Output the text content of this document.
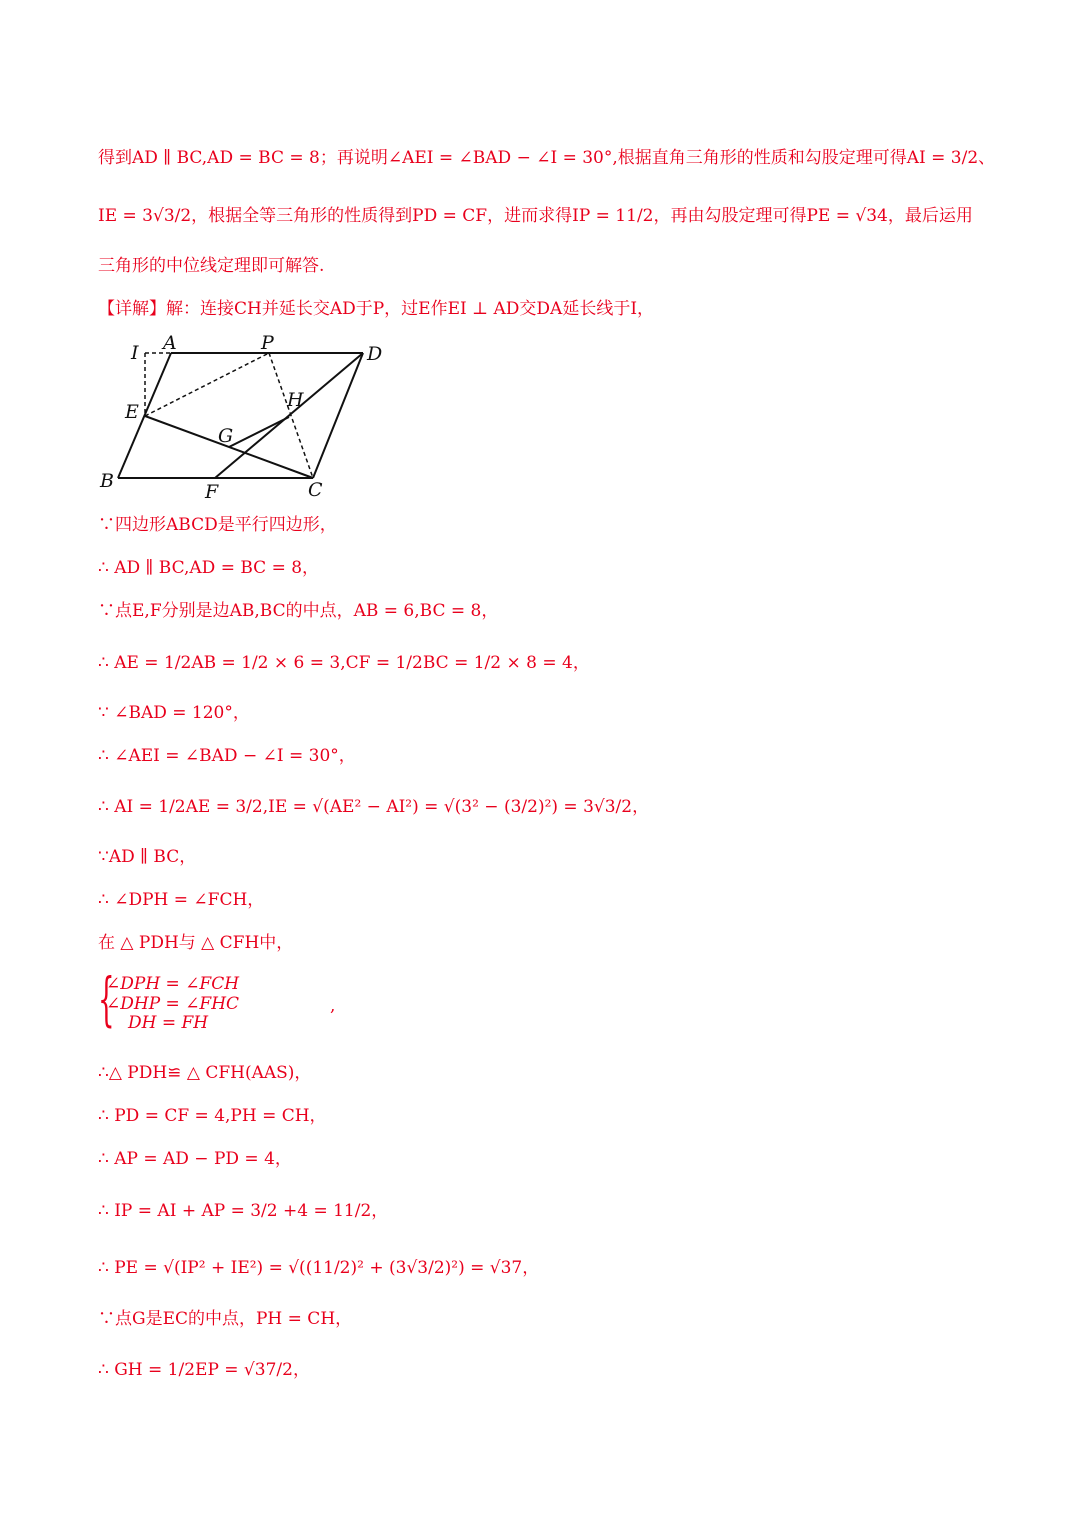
得到AD ∥ BC,AD = BC = 8；再说明∠AEI = ∠BAD − ∠I = 30°,根据直角三角形的性质和勾股定理可得AI = 3/2、
IE = 3√3/2，根据全等三角形的性质得到PD = CF，进而求得IP = 11/2，再由勾股定理可得PE = √34，最后运用
三角形的中位线定理即可解答.
【详解】解：连接CH并延长交AD于P，过E作EI ⊥ AD交DA延长线于I，
I A	P	D
E
H
G
B	F	C
∵四边形ABCD是平行四边形，
∴ AD ∥ BC,AD = BC = 8，
∵点E,F分别是边AB,BC的中点，AB = 6,BC = 8，
∴ AE = 1/2AB = 1/2 × 6 = 3,CF = 1/2BC = 1/2 × 8 = 4，
∵ ∠BAD = 120°，
∴ ∠AEI = ∠BAD − ∠I = 30°，
∴ AI = 1/2AE = 3/2,IE = √(AE² − AI²) = √(3² − (3/2)²) = 3√3/2，
∵AD ∥ BC，
∴ ∠DPH = ∠FCH，
在 △ PDH与 △ CFH中，
{
∠DPH = ∠FCH
∠DHP = ∠FHC
DH = FH
,
∴△ PDH≌ △ CFH(AAS)，
∴ PD = CF = 4,PH = CH，
∴ AP = AD − PD = 4，
∴ IP = AI + AP = 3/2 +4 = 11/2，
∴ PE = √(IP² + IE²) = √((11/2)² + (3√3/2)²) = √37，
∵点G是EC的中点，PH = CH，
∴ GH = 1/2EP = √37/2，
